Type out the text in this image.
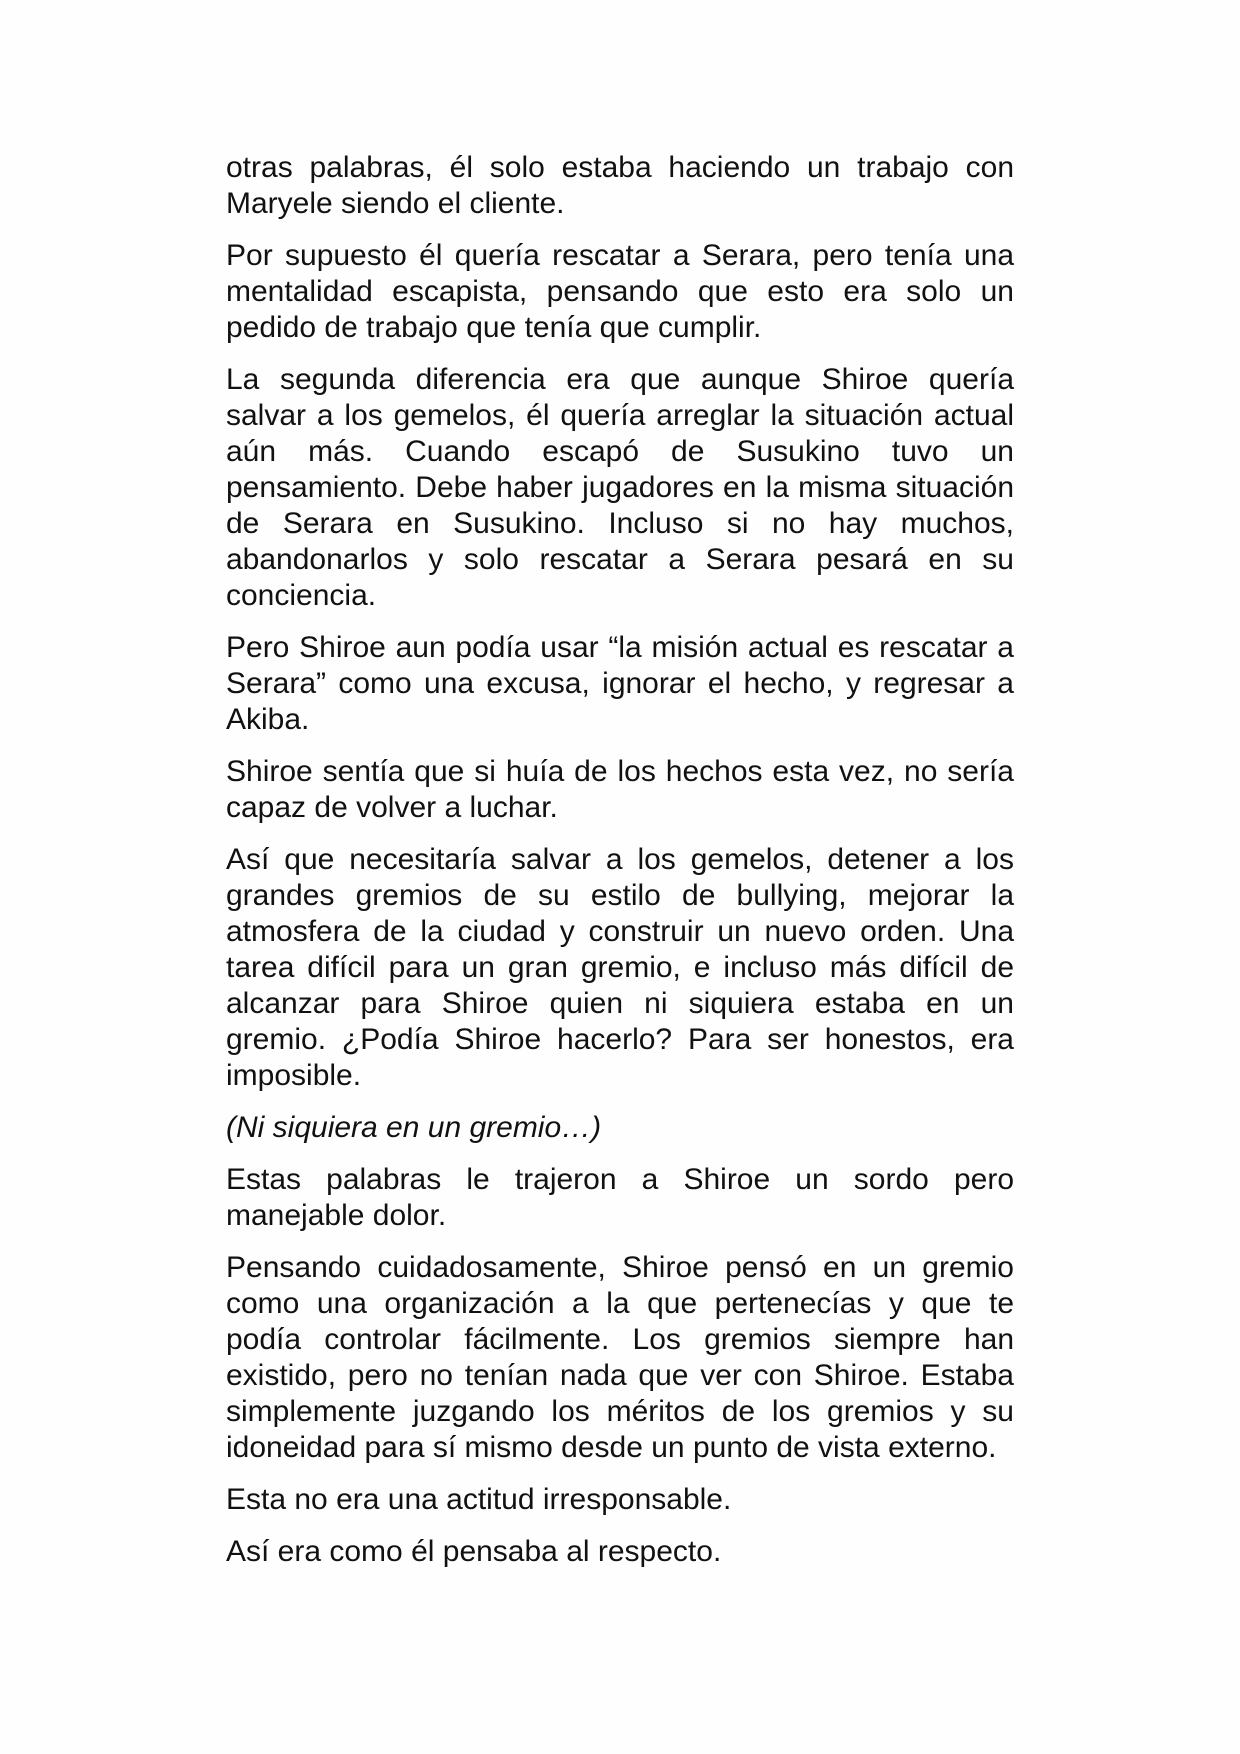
otras palabras, él solo estaba haciendo un trabajo con Maryele siendo el cliente.

Por supuesto él quería rescatar a Serara, pero tenía una mentalidad escapista, pensando que esto era solo un pedido de trabajo que tenía que cumplir.

La segunda diferencia era que aunque Shiroe quería salvar a los gemelos, él quería arreglar la situación actual aún más. Cuando escapó de Susukino tuvo un pensamiento. Debe haber jugadores en la misma situación de Serara en Susukino. Incluso si no hay muchos, abandonarlos y solo rescatar a Serara pesará en su conciencia.

Pero Shiroe aun podía usar “la misión actual es rescatar a Serara” como una excusa, ignorar el hecho, y regresar a Akiba.

Shiroe sentía que si huía de los hechos esta vez, no sería capaz de volver a luchar.

Así que necesitaría salvar a los gemelos, detener a los grandes gremios de su estilo de bullying, mejorar la atmosfera de la ciudad y construir un nuevo orden. Una tarea difícil para un gran gremio, e incluso más difícil de alcanzar para Shiroe quien ni siquiera estaba en un gremio. ¿Podía Shiroe hacerlo? Para ser honestos, era imposible.

(Ni siquiera en un gremio…)

Estas palabras le trajeron a Shiroe un sordo pero manejable dolor.

Pensando cuidadosamente, Shiroe pensó en un gremio como una organización a la que pertenecías y que te podía controlar fácilmente. Los gremios siempre han existido, pero no tenían nada que ver con Shiroe. Estaba simplemente juzgando los méritos de los gremios y su idoneidad para sí mismo desde un punto de vista externo.

Esta no era una actitud irresponsable.

Así era como él pensaba al respecto.
